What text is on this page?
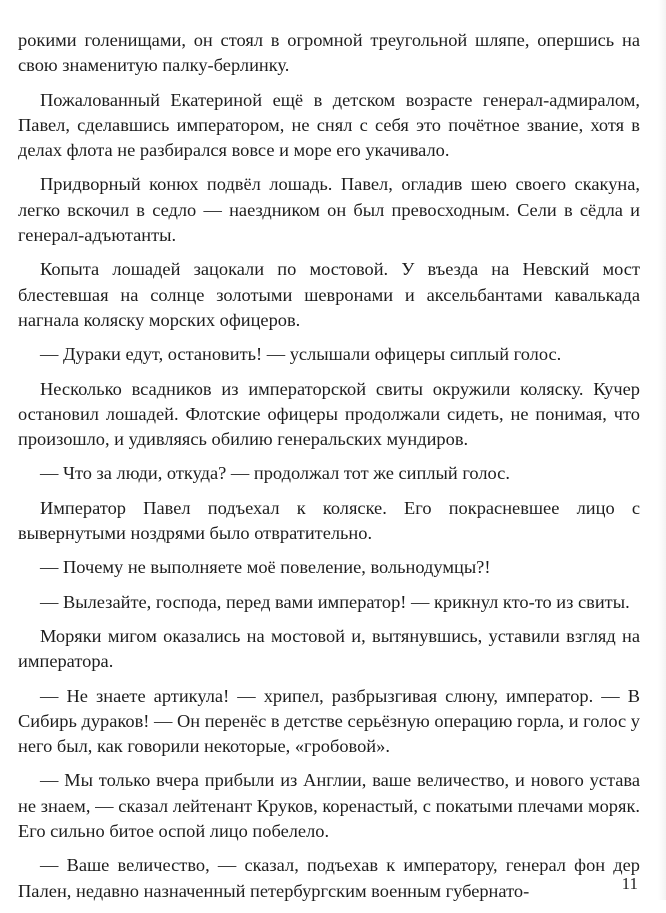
рокими голенищами, он стоял в огромной треугольной шляпе, опершись на свою знаменитую палку-берлинку.

Пожалованный Екатериной ещё в детском возрасте генерал-адмиралом, Павел, сделавшись императором, не снял с себя это почётное звание, хотя в делах флота не разбирался вовсе и море его укачивало.

Придворный конюх подвёл лошадь. Павел, огладив шею своего скакуна, легко вскочил в седло — наездником он был превосходным. Сели в сёдла и генерал-адъютанты.

Копыта лошадей зацокали по мостовой. У въезда на Невский мост блестевшая на солнце золотыми шевронами и аксельбантами кавалькада нагнала коляску морских офицеров.

— Дураки едут, остановить! — услышали офицеры сиплый голос.

Несколько всадников из императорской свиты окружили коляску. Кучер остановил лошадей. Флотские офицеры продолжали сидеть, не понимая, что произошло, и удивляясь обилию генеральских мундиров.

— Что за люди, откуда? — продолжал тот же сиплый голос.

Император Павел подъехал к коляске. Его покрасневшее лицо с вывернутыми ноздрями было отвратительно.

— Почему не выполняете моё повеление, вольнодумцы?!

— Вылезайте, господа, перед вами император! — крикнул кто-то из свиты.

Моряки мигом оказались на мостовой и, вытянувшись, уставили взгляд на императора.

— Не знаете артикула! — хрипел, разбрызгивая слюну, император. — В Сибирь дураков! — Он перенёс в детстве серьёзную операцию горла, и голос у него был, как говорили некоторые, «гробовой».

— Мы только вчера прибыли из Англии, ваше величество, и нового устава не знаем, — сказал лейтенант Круков, коренастый, с покатыми плечами моряк. Его сильно битое оспой лицо побелело.

— Ваше величество, — сказал, подъехав к императору, генерал фон дер Пален, недавно назначенный петербургским военным губернато-	11
